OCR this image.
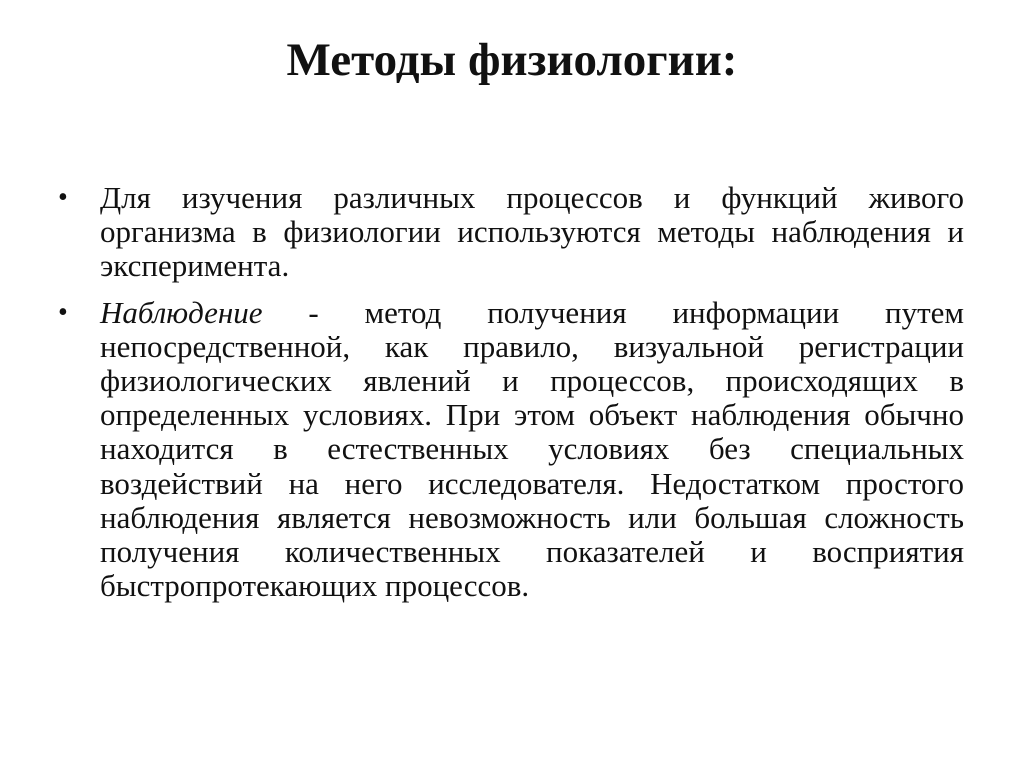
Методы физиологии:
• Для изучения различных процессов и функций живого организма в физиологии используются методы наблюдения и эксперимента.
• Наблюдение - метод получения информации путем непосредственной, как правило, визуальной регистрации физиологических явлений и процессов, происходящих в определенных условиях. При этом объект наблюдения обычно находится в естественных условиях без специальных воздействий на него исследователя. Недостатком простого наблюдения является невозможность или большая сложность получения количественных показателей и восприятия быстропротекающих процессов.
